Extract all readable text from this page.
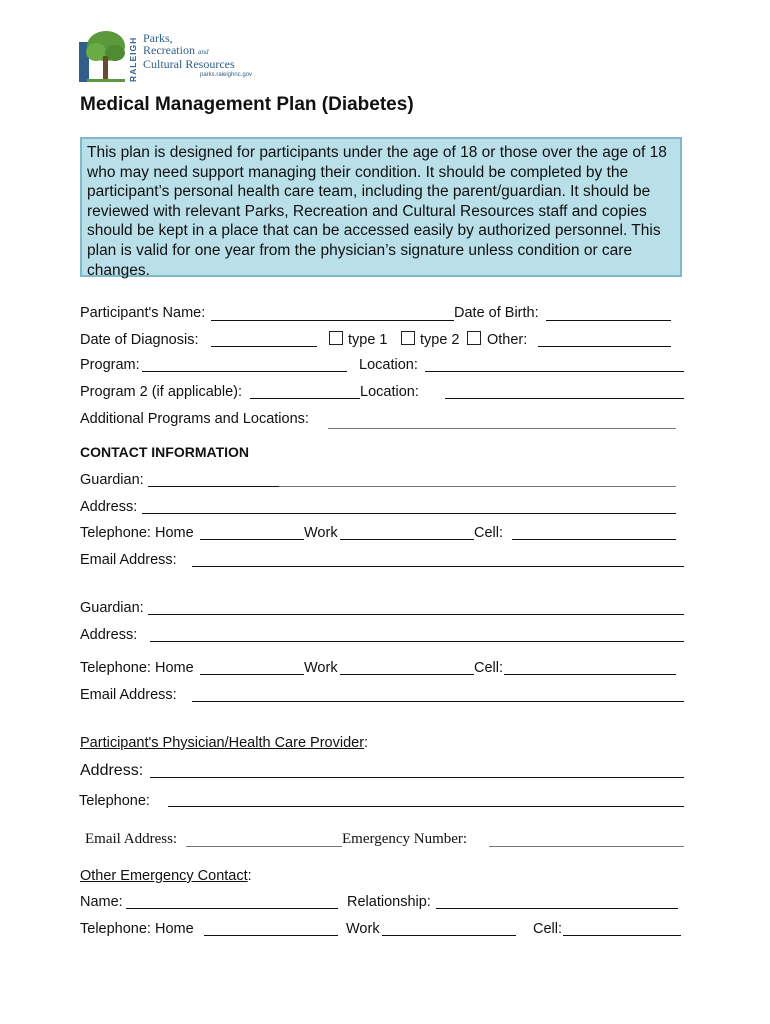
RALEIGH Parks,
Recreation and
Cultural Resources
parks.raleighnc.gov
Medical Management Plan (Diabetes)
This plan is designed for participants under the age of 18 or those over the age of 18 who may need support managing their condition. It should be completed by the participant’s personal health care team, including the parent/guardian. It should be reviewed with relevant Parks, Recreation and Cultural Resources staff and copies should be kept in a place that can be accessed easily by authorized personnel. This plan is valid for one year from the physician’s signature unless condition or care changes.
Participant's Name:	Date of Birth:
Date of Diagnosis:	type 1 type 2 Other:
Program:	Location:
Program 2 (if applicable):	Location:
Additional Programs and Locations:
CONTACT INFORMATION
Guardian:
Address:
Telephone: Home	Work	Cell:
Email Address:
Guardian:
Address:
Telephone: Home	Work	Cell:
Email Address:
Participant's Physician/Health Care Provider:
Address:
Telephone:
Email Address:	Emergency Number:
Other Emergency Contact:
Name:	Relationship:
Telephone: Home	Work	Cell:
